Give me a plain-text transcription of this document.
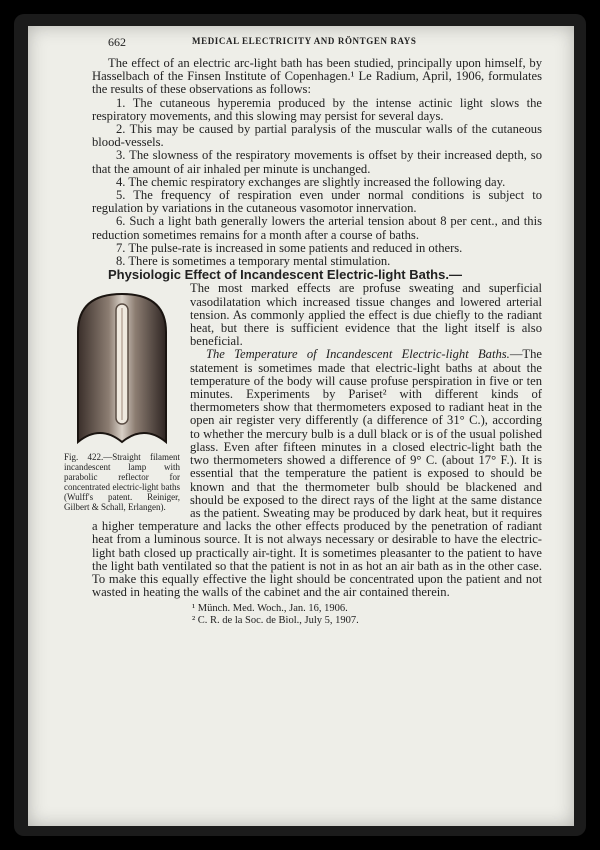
662	MEDICAL ELECTRICITY AND RÖNTGEN RAYS

The effect of an electric arc-light bath has been studied, principally upon himself, by Hasselbach of the Finsen Institute of Copenhagen.¹ Le Radium, April, 1906, formulates the results of these observations as follows:

1. The cutaneous hyperemia produced by the intense actinic light slows the respiratory movements, and this slowing may persist for several days.

2. This may be caused by partial paralysis of the muscular walls of the cutaneous blood-vessels.

3. The slowness of the respiratory movements is offset by their increased depth, so that the amount of air inhaled per minute is unchanged.

4. The chemic respiratory exchanges are slightly increased the following day.

5. The frequency of respiration even under normal conditions is subject to regulation by variations in the cutaneous vasomotor innervation.

6. Such a light bath generally lowers the arterial tension about 8 per cent., and this reduction sometimes remains for a month after a course of baths.

7. The pulse-rate is increased in some patients and reduced in others.

8. There is sometimes a temporary mental stimulation.

Physiologic Effect of Incandescent Electric-light Baths.—

Fig. 422.—Straight filament incandescent lamp with parabolic reflector for concentrated electric-light baths (Wulff's patent. Reiniger, Gilbert & Schall, Erlangen).

The most marked effects are profuse sweating and superficial vasodilatation which increased tissue changes and lowered arterial tension. As commonly applied the effect is due chiefly to the radiant heat, but there is sufficient evidence that the light itself is also beneficial.

The Temperature of Incandescent Electric-light Baths.—The statement is sometimes made that electric-light baths at about the temperature of the body will cause profuse perspiration in five or ten minutes. Experiments by Pariset² with different kinds of thermometers show that thermometers exposed to radiant heat in the open air register very differently (a difference of 31° C.), according to whether the mercury bulb is a dull black or is of the usual polished glass. Even after fifteen minutes in a closed electric-light bath the two thermometers showed a difference of 9° C. (about 17° F.). It is essential that the temperature the patient is exposed to should be known and that the thermometer bulb should be blackened and should be exposed to the direct rays of the light at the same distance as the patient. Sweating may be produced by dark heat, but it requires a higher temperature and lacks the other effects produced by the penetration of radiant heat from a luminous source. It is not always necessary or desirable to have the electric-light bath closed up practically air-tight. It is sometimes pleasanter to the patient to have the light bath ventilated so that the patient is not in as hot an air bath as in the other case. To make this equally effective the light should be concentrated upon the patient and not wasted in heating the walls of the cabinet and the air contained therein.

¹ Münch. Med. Woch., Jan. 16, 1906.
² C. R. de la Soc. de Biol., July 5, 1907.
